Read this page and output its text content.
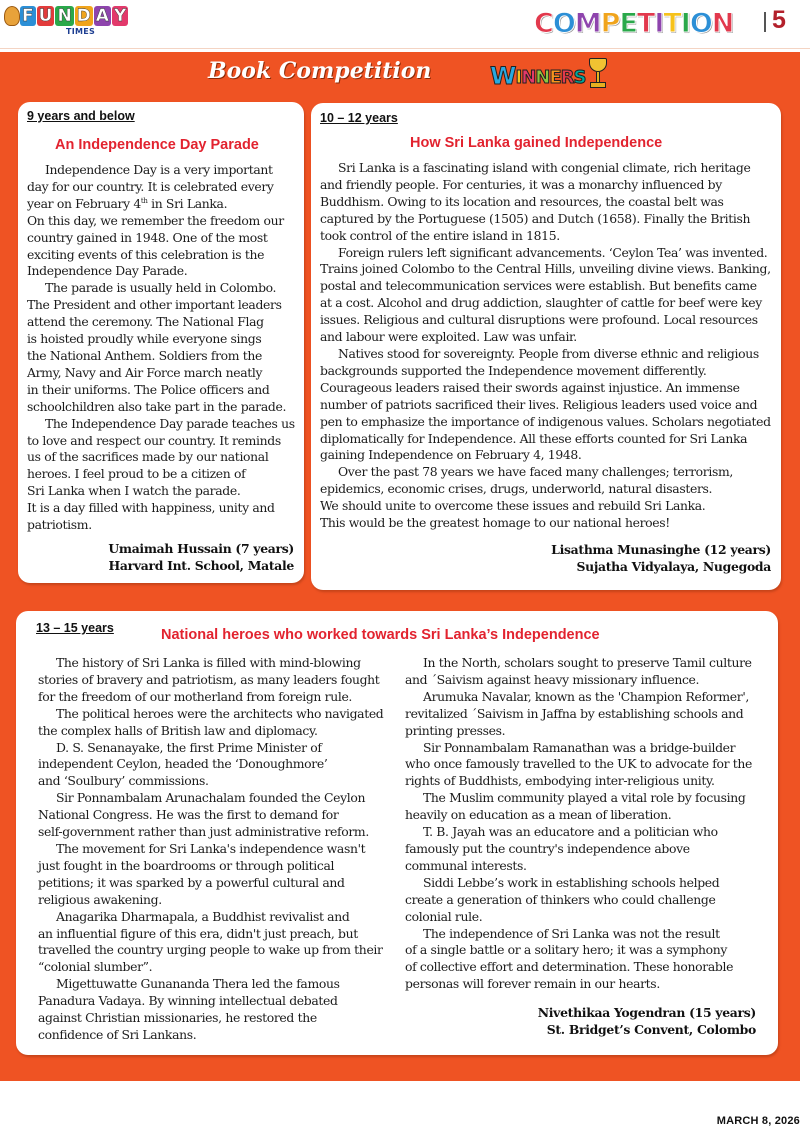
F U N D A Y
TIMES	C O M P E T I T I O N 5
Book Competition W I N N E R S
9 years and below
An Independence Day Parade
Independence Day is a very important
day for our country. It is celebrated every
year on February 4th in Sri Lanka.
On this day, we remember the freedom our
country gained in 1948. One of the most
exciting events of this celebration is the
Independence Day Parade.
The parade is usually held in Colombo.
The President and other important leaders
attend the ceremony. The National Flag
is hoisted proudly while everyone sings
the National Anthem. Soldiers from the
Army, Navy and Air Force march neatly
in their uniforms. The Police officers and
schoolchildren also take part in the parade.
The Independence Day parade teaches us
to love and respect our country. It reminds
us of the sacrifices made by our national
heroes. I feel proud to be a citizen of
Sri Lanka when I watch the parade.
It is a day filled with happiness, unity and
patriotism.
Umaimah Hussain (7 years)
Harvard Int. School, Matale
10 – 12 years
How Sri Lanka gained Independence
Sri Lanka is a fascinating island with congenial climate, rich heritage
and friendly people. For centuries, it was a monarchy influenced by
Buddhism. Owing to its location and resources, the coastal belt was
captured by the Portuguese (1505) and Dutch (1658). Finally the British
took control of the entire island in 1815.
Foreign rulers left significant advancements. ‘Ceylon Tea’ was invented.
Trains joined Colombo to the Central Hills, unveiling divine views. Banking,
postal and telecommunication services were establish. But benefits came
at a cost. Alcohol and drug addiction, slaughter of cattle for beef were key
issues. Religious and cultural disruptions were profound. Local resources
and labour were exploited. Law was unfair.
Natives stood for sovereignty. People from diverse ethnic and religious
backgrounds supported the Independence movement differently.
Courageous leaders raised their swords against injustice. An immense
number of patriots sacrificed their lives. Religious leaders used voice and
pen to emphasize the importance of indigenous values. Scholars negotiated
diplomatically for Independence. All these efforts counted for Sri Lanka
gaining Independence on February 4, 1948.
Over the past 78 years we have faced many challenges; terrorism,
epidemics, economic crises, drugs, underworld, natural disasters.
We should unite to overcome these issues and rebuild Sri Lanka.
This would be the greatest homage to our national heroes!
Lisathma Munasinghe (12 years)
Sujatha Vidyalaya, Nugegoda
13 – 15 years	National heroes who worked towards Sri Lanka’s Independence
The history of Sri Lanka is filled with mind-blowing
stories of bravery and patriotism, as many leaders fought
for the freedom of our motherland from foreign rule.
The political heroes were the architects who navigated
the complex halls of British law and diplomacy.
D. S. Senanayake, the first Prime Minister of
independent Ceylon, headed the ‘Donoughmore’
and ‘Soulbury’ commissions.
Sir Ponnambalam Arunachalam founded the Ceylon
National Congress. He was the first to demand for
self-government rather than just administrative reform.
The movement for Sri Lanka's independence wasn't
just fought in the boardrooms or through political
petitions; it was sparked by a powerful cultural and
religious awakening.
Anagarika Dharmapala, a Buddhist revivalist and
an influential figure of this era, didn't just preach, but
travelled the country urging people to wake up from their
“colonial slumber”.
Migettuwatte Gunananda Thera led the famous
Panadura Vadaya. By winning intellectual debated
against Christian missionaries, he restored the
confidence of Sri Lankans.
In the North, scholars sought to preserve Tamil culture
and ´Saivism against heavy missionary influence.
Arumuka Navalar, known as the 'Champion Reformer',
revitalized ´Saivism in Jaffna by establishing schools and
printing presses.
Sir Ponnambalam Ramanathan was a bridge-builder
who once famously travelled to the UK to advocate for the
rights of Buddhists, embodying inter-religious unity.
The Muslim community played a vital role by focusing
heavily on education as a mean of liberation.
T. B. Jayah was an educatore and a politician who
famously put the country's independence above
communal interests.
Siddi Lebbe’s work in establishing schools helped
create a generation of thinkers who could challenge
colonial rule.
The independence of Sri Lanka was not the result
of a single battle or a solitary hero; it was a symphony
of collective effort and determination. These honorable
personas will forever remain in our hearts.
Nivethikaa Yogendran (15 years)
St. Bridget’s Convent, Colombo
MARCH 8, 2026
